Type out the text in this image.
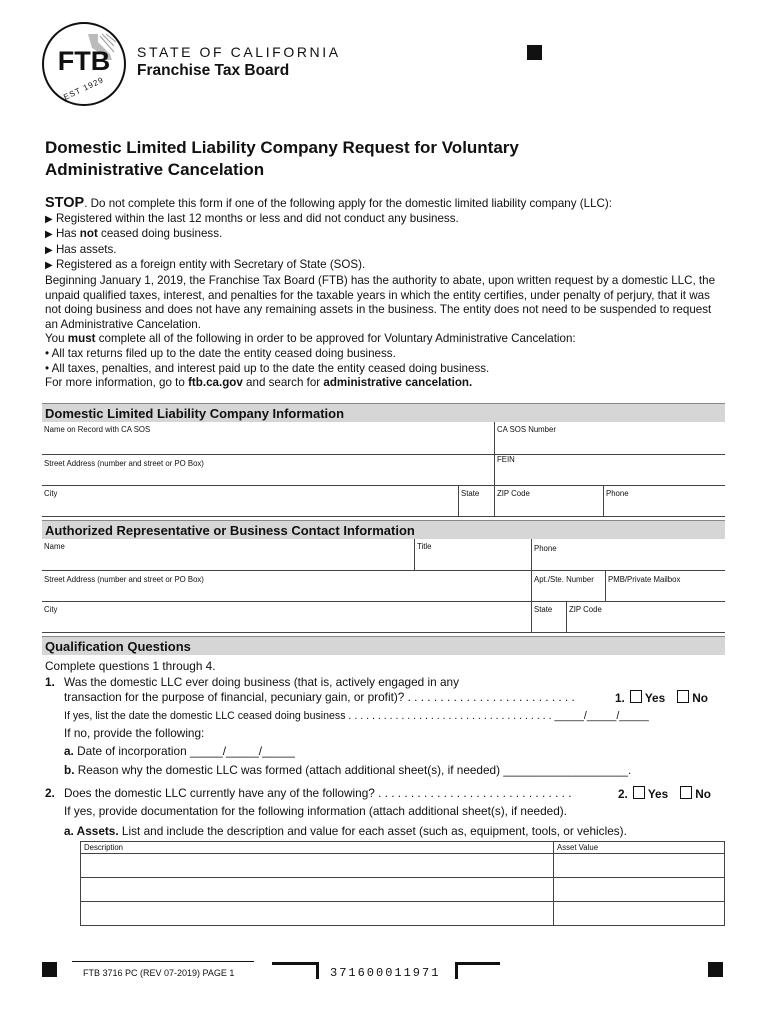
FTB
EST 1929
STATE OF CALIFORNIA
Franchise Tax Board
Domestic Limited Liability Company Request for Voluntary
Administrative Cancelation

STOP. Do not complete this form if one of the following apply for the domestic limited liability company (LLC):

▶ Registered within the last 12 months or less and did not conduct any business.

▶ Has not ceased doing business.

▶ Has assets.

▶ Registered as a foreign entity with Secretary of State (SOS).

Beginning January 1, 2019, the Franchise Tax Board (FTB) has the authority to abate, upon written request by a domestic LLC, the unpaid qualified taxes, interest, and penalties for the taxable years in which the entity certifies, under penalty of perjury, that it was not doing business and does not have any remaining assets in the business. The entity does not need to be suspended to request an Administrative Cancelation.

You must complete all of the following in order to be approved for Voluntary Administrative Cancelation:

• All tax returns filed up to the date the entity ceased doing business.

• All taxes, penalties, and interest paid up to the date the entity ceased doing business.

For more information, go to ftb.ca.gov and search for administrative cancelation.

Domestic Limited Liability Company Information
Name on Record with CA SOS	CA SOS Number
Street Address (number and street or PO Box)	FEIN
City	State	ZIP Code	Phone
Authorized Representative or Business Contact Information
Name	Title	Phone
Street Address (number and street or PO Box)	Apt./Ste. Number	PMB/Private Mailbox
City	State	ZIP Code
Qualification Questions
Complete questions 1 through 4.
1. Was the domestic LLC ever doing business (that is, actively engaged in any
transaction for the purpose of financial, pecuniary gain, or profit)? . . . . . . . . . . . . . . . . . . . . . . . . . .	1. Yes No
If yes, list the date the domestic LLC ceased doing business . . . . . . . . . . . . . . . . . . . . . . . . . . . . . . . . . . . _____/_____/_____
If no, provide the following:
a. Date of incorporation _____/_____/_____
b. Reason why the domestic LLC was formed (attach additional sheet(s), if needed) ___________________.
2. Does the domestic LLC currently have any of the following? . . . . . . . . . . . . . . . . . . . . . . . . . . . . . .	2. Yes No
If yes, provide documentation for the following information (attach additional sheet(s), if needed).
a. Assets. List and include the description and value for each asset (such as, equipment, tools, or vehicles).
Description	Asset Value

FTB 3716 PC (REV 07-2019) PAGE 1	371600011971
